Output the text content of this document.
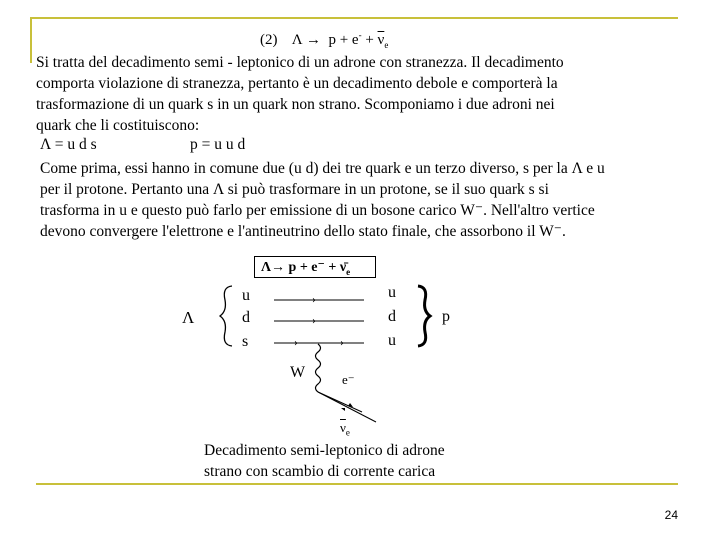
(2) $\Lambda \to p + e^- + \overline{\nu}_e$
Si tratta del decadimento semi - leptonico di un adrone con stranezza. Il decadimento
comporta violazione di stranezza, pertanto è un decadimento debole e comporterà la
trasformazione di un quark s in un quark non strano. Scomponiamo i due adroni nei
quark che li costituiscono:
Λ = u d s	p = u u d
Come prima, essi hanno in comune due (u d) dei tre quark e un terzo diverso, s per la Λ e u
per il protone. Pertanto una Λ si può trasformare in un protone, se il suo quark s si
trasforma in u e questo può farlo per emissione di un bosone carico W⁻. Nell'altro vertice
devono convergere l'elettrone e l'antineutrino dello stato finale, che assorbono il W⁻.
$\Lambda\to p + e^- + \nū_e$
›
›
›	›
Λ
u
d
s
u
d
u
p
W	e⁻
$\overline{\nu}_e$
Decadimento semi-leptonico di adrone
strano con scambio di corrente carica
24
